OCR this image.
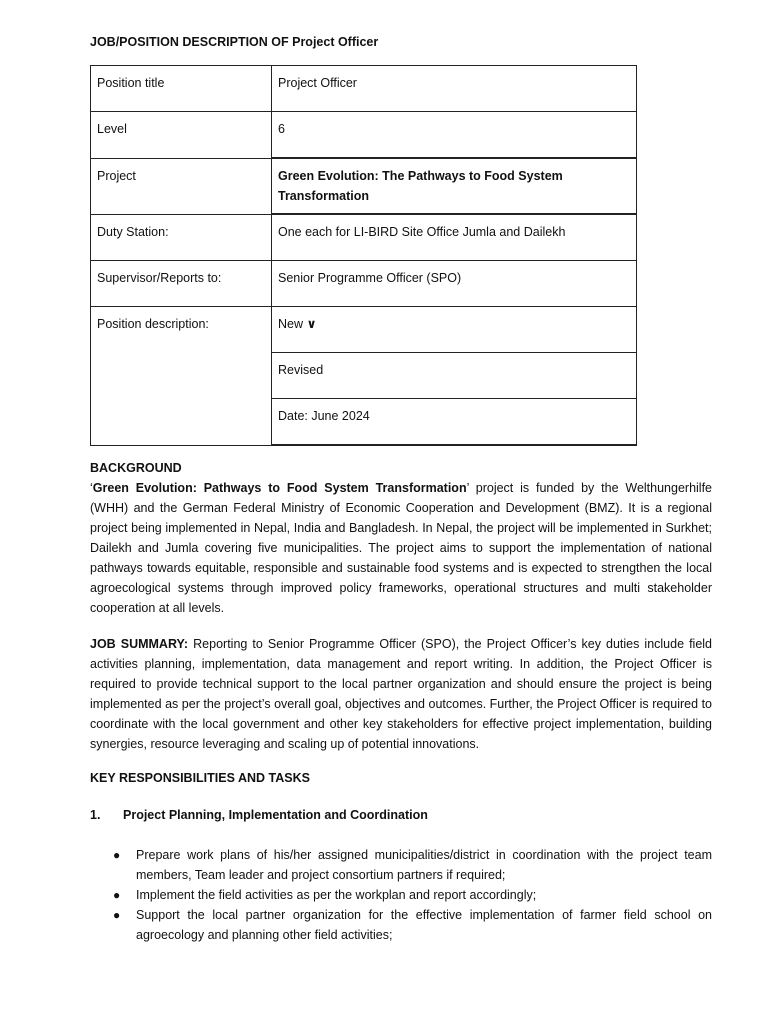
JOB/POSITION DESCRIPTION OF Project Officer
Position title	Project Officer
Level	6
Project	Green Evolution: The Pathways to Food System Transformation
Duty Station:	One each for LI-BIRD Site Office Jumla and Dailekh
Supervisor/Reports to:	Senior Programme Officer (SPO)
Position description:	New ∨
	Revised
	Date: June 2024
BACKGROUND
‘Green Evolution: Pathways to Food System Transformation’ project is funded by the Welthungerhilfe (WHH) and the German Federal Ministry of Economic Cooperation and Development (BMZ). It is a regional project being implemented in Nepal, India and Bangladesh. In Nepal, the project will be implemented in Surkhet; Dailekh and Jumla covering five municipalities. The project aims to support the implementation of national pathways towards equitable, responsible and sustainable food systems and is expected to strengthen the local agroecological systems through improved policy frameworks, operational structures and multi stakeholder cooperation at all levels.
JOB SUMMARY: Reporting to Senior Programme Officer (SPO), the Project Officer’s key duties include field activities planning, implementation, data management and report writing. In addition, the Project Officer is required to provide technical support to the local partner organization and should ensure the project is being implemented as per the project’s overall goal, objectives and outcomes. Further, the Project Officer is required to coordinate with the local government and other key stakeholders for effective project implementation, building synergies, resource leveraging and scaling up of potential innovations.
KEY RESPONSIBILITIES AND TASKS
1. Project Planning, Implementation and Coordination
● Prepare work plans of his/her assigned municipalities/district in coordination with the project team members, Team leader and project consortium partners if required;
● Implement the field activities as per the workplan and report accordingly;
● Support the local partner organization for the effective implementation of farmer field school on agroecology and planning other field activities;
